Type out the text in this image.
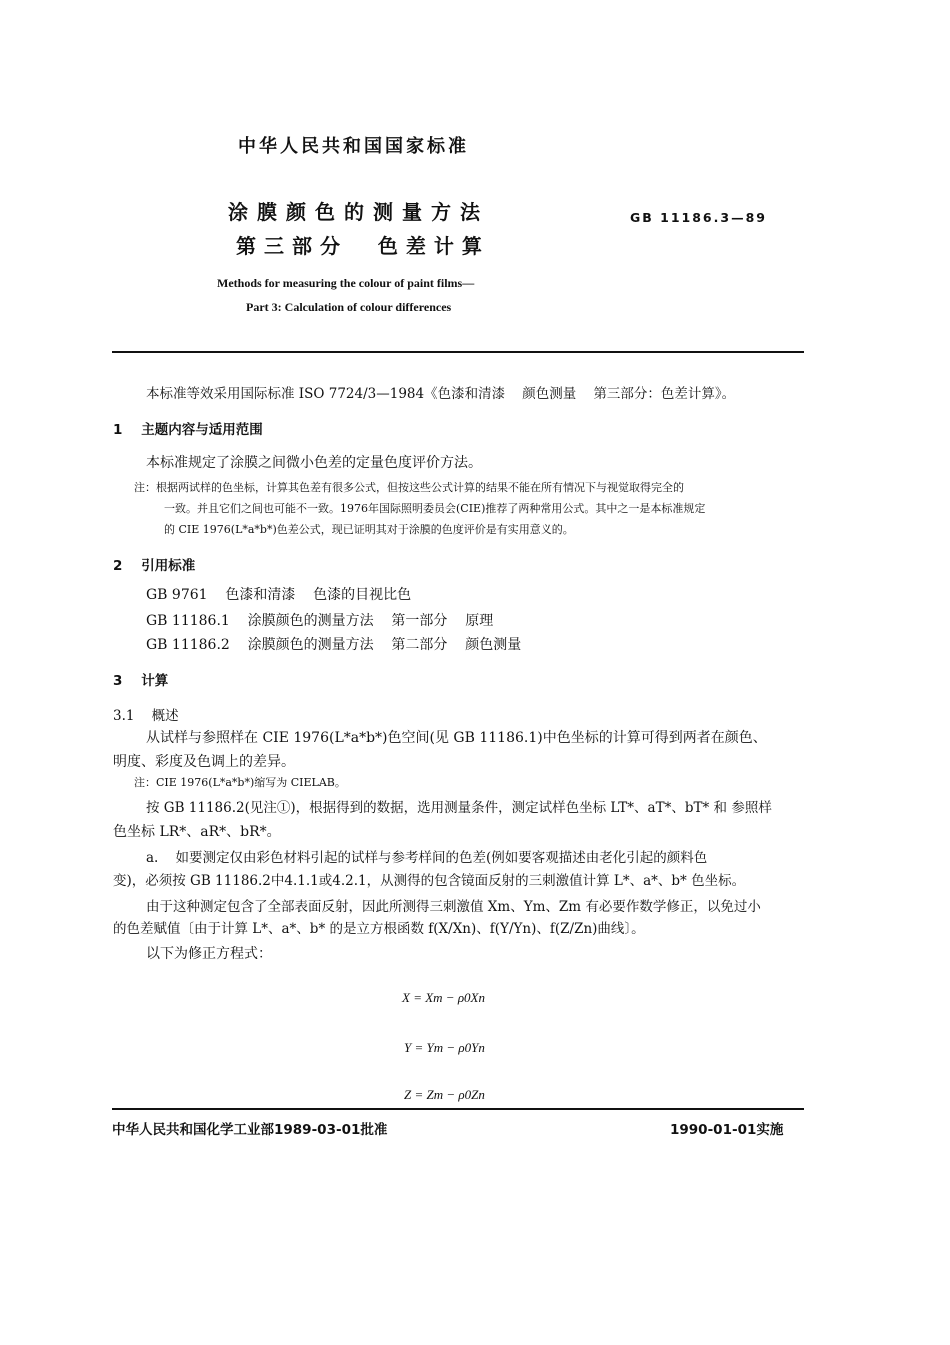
中华人民共和国国家标准
涂膜颜色的测量方法
第三部分  色差计算
GB 11186.3—89
Methods for measuring the colour of paint films—
Part 3: Calculation of colour differences
本标准等效采用国际标准 ISO 7724/3—1984《色漆和清漆    颜色测量    第三部分：色差计算》。
1    主题内容与适用范围
本标准规定了涂膜之间微小色差的定量色度评价方法。
注：根据两试样的色坐标，计算其色差有很多公式，但按这些公式计算的结果不能在所有情况下与视觉取得完全的
一致。并且它们之间也可能不一致。1976年国际照明委员会(CIE)推荐了两种常用公式。其中之一是本标准规定
的 CIE 1976(L*a*b*)色差公式，现已证明其对于涂膜的色度评价是有实用意义的。
2    引用标准
GB 9761    色漆和清漆    色漆的目视比色
GB 11186.1    涂膜颜色的测量方法    第一部分    原理
GB 11186.2    涂膜颜色的测量方法    第二部分    颜色测量
3    计算
3.1    概述
从试样与参照样在 CIE 1976(L*a*b*)色空间(见 GB 11186.1)中色坐标的计算可得到两者在颜色、
明度、彩度及色调上的差异。
注：CIE 1976(L*a*b*)缩写为 CIELAB。
按 GB 11186.2(见注①)，根据得到的数据，选用测量条件，测定试样色坐标 LT*、aT*、bT* 和 参照样
色坐标 LR*、aR*、bR*。
a.    如要测定仅由彩色材料引起的试样与参考样间的色差(例如要客观描述由老化引起的颜料色
变)，必须按 GB 11186.2中4.1.1或4.2.1，从测得的包含镜面反射的三刺激值计算 L*、a*、b* 色坐标。
由于这种测定包含了全部表面反射，因此所测得三刺激值 Xm、Ym、Zm 有必要作数学修正，以免过小
的色差赋值〔由于计算 L*、a*、b* 的是立方根函数 f(X/Xn)、f(Y/Yn)、f(Z/Zn)曲线〕。
以下为修正方程式：
X = Xm − ρ0Xn
Y = Ym − ρ0Yn
Z = Zm − ρ0Zn
中华人民共和国化学工业部1989-03-01批准	1990-01-01实施
